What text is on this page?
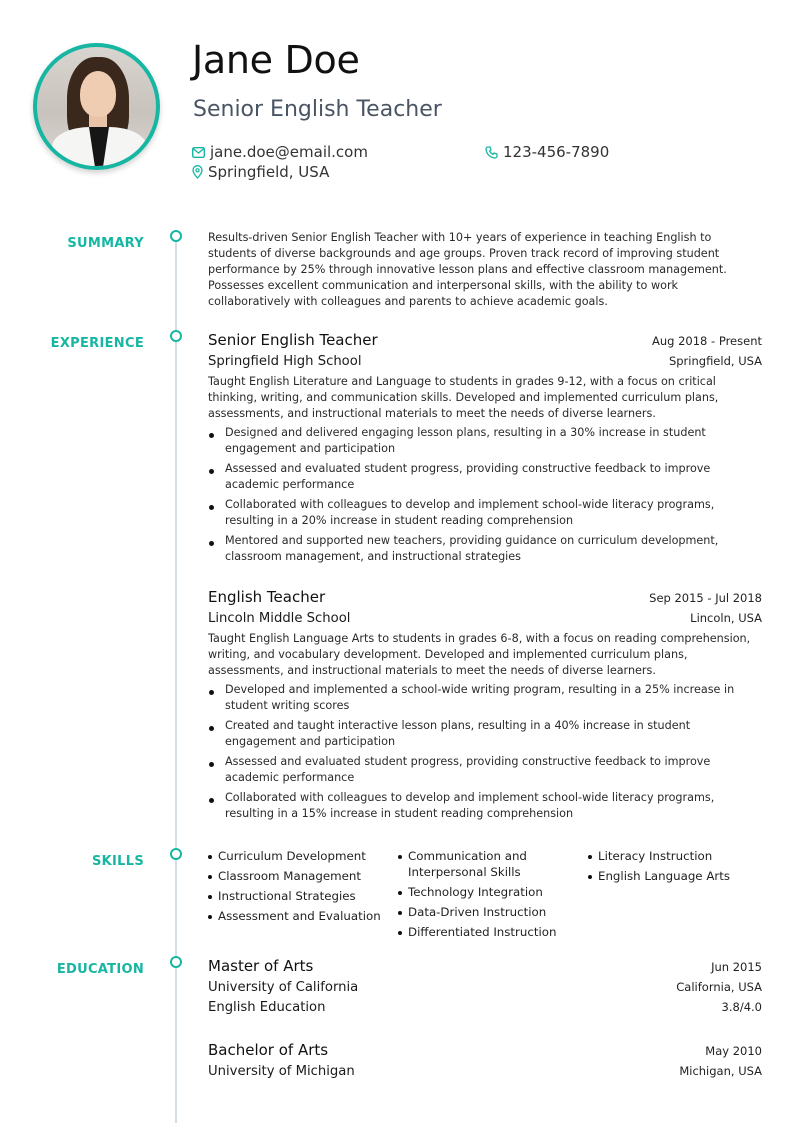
Jane Doe
Senior English Teacher
jane.doe@email.com	123-456-7890
Springfield, USA
SUMMARY	Results-driven Senior English Teacher with 10+ years of experience in teaching English to students of diverse backgrounds and age groups. Proven track record of improving student performance by 25% through innovative lesson plans and effective classroom management. Possesses excellent communication and interpersonal skills, with the ability to work collaboratively with colleagues and parents to achieve academic goals.

EXPERIENCE	Senior English Teacher	Aug 2018 - Present
Springfield High School	Springfield, USA

Taught English Literature and Language to students in grades 9-12, with a focus on critical thinking, writing, and communication skills. Developed and implemented curriculum plans, assessments, and instructional materials to meet the needs of diverse learners.

Designed and delivered engaging lesson plans, resulting in a 30% increase in student engagement and participation
Assessed and evaluated student progress, providing constructive feedback to improve academic performance
Collaborated with colleagues to develop and implement school-wide literacy programs, resulting in a 20% increase in student reading comprehension
Mentored and supported new teachers, providing guidance on curriculum development, classroom management, and instructional strategies
English Teacher	Sep 2015 - Jul 2018
Lincoln Middle School	Lincoln, USA

Taught English Language Arts to students in grades 6-8, with a focus on reading comprehension, writing, and vocabulary development. Developed and implemented curriculum plans, assessments, and instructional materials to meet the needs of diverse learners.

Developed and implemented a school-wide writing program, resulting in a 25% increase in student writing scores
Created and taught interactive lesson plans, resulting in a 40% increase in student engagement and participation
Assessed and evaluated student progress, providing constructive feedback to improve academic performance
Collaborated with colleagues to develop and implement school-wide literacy programs, resulting in a 15% increase in student reading comprehension
SKILLS	Curriculum Development
Classroom Management
Instructional Strategies
Assessment and Evaluation
Communication and Interpersonal Skills
Technology Integration
Data-Driven Instruction
Differentiated Instruction
Literacy Instruction
English Language Arts
EDUCATION	Master of Arts	Jun 2015
University of California	California, USA
English Education	3.8/4.0
Bachelor of Arts	May 2010
University of Michigan	Michigan, USA
